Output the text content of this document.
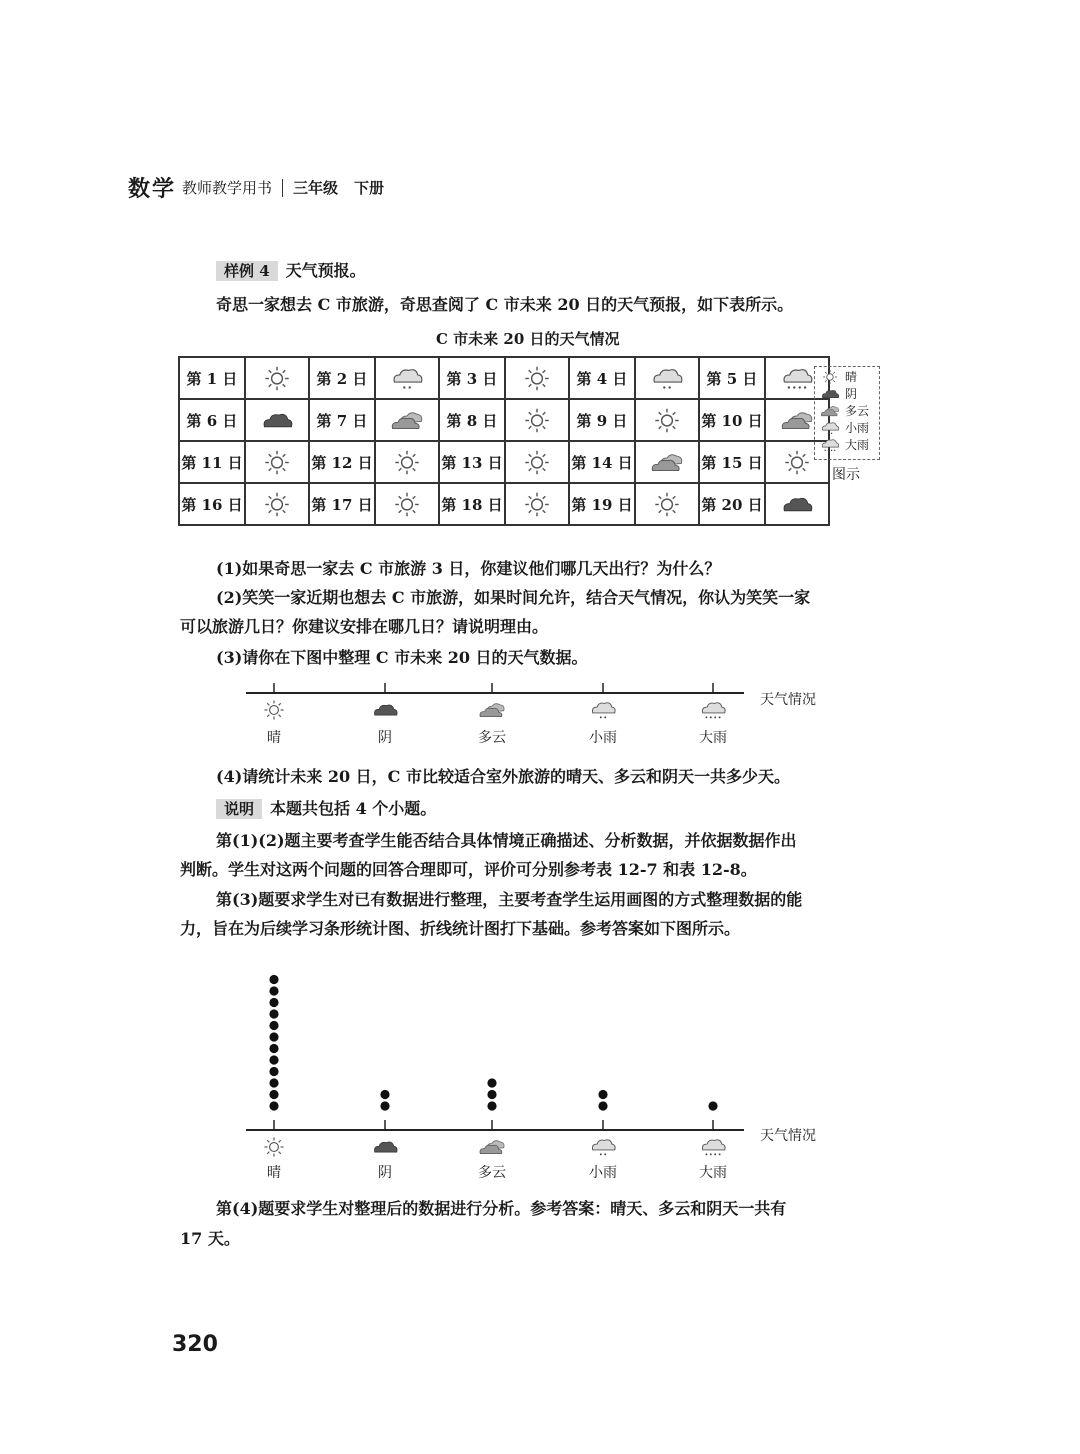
数学 教师教学用书 三年级 下册
样例 4 天气预报。
奇思一家想去 C 市旅游，奇思查阅了 C 市未来 20 日的天气预报，如下表所示。
C 市未来 20 日的天气情况
第 1 日		第 2 日		第 3 日		第 4 日		第 5 日	

第 6 日		第 7 日		第 8 日		第 9 日		第 10 日	

第 11 日		第 12 日		第 13 日		第 14 日		第 15 日	

第 16 日		第 17 日		第 18 日		第 19 日		第 20 日	
晴
阴
多云
小雨
大雨
图示
(1)如果奇思一家去 C 市旅游 3 日，你建议他们哪几天出行？为什么？
(2)笑笑一家近期也想去 C 市旅游，如果时间允许，结合天气情况，你认为笑笑一家
可以旅游几日？你建议安排在哪几日？请说明理由。
(3)请你在下图中整理 C 市未来 20 日的天气数据。
天气情况
晴	阴	多云	小雨	大雨
(4)请统计未来 20 日，C 市比较适合室外旅游的晴天、多云和阴天一共多少天。
说明 本题共包括 4 个小题。
第(1)(2)题主要考查学生能否结合具体情境正确描述、分析数据，并依据数据作出
判断。学生对这两个问题的回答合理即可，评价可分别参考表 12-7 和表 12-8。
第(3)题要求学生对已有数据进行整理，主要考查学生运用画图的方式整理数据的能
力，旨在为后续学习条形统计图、折线统计图打下基础。参考答案如下图所示。
天气情况
晴	阴	多云	小雨	大雨
第(4)题要求学生对整理后的数据进行分析。参考答案：晴天、多云和阴天一共有
17 天。
320
